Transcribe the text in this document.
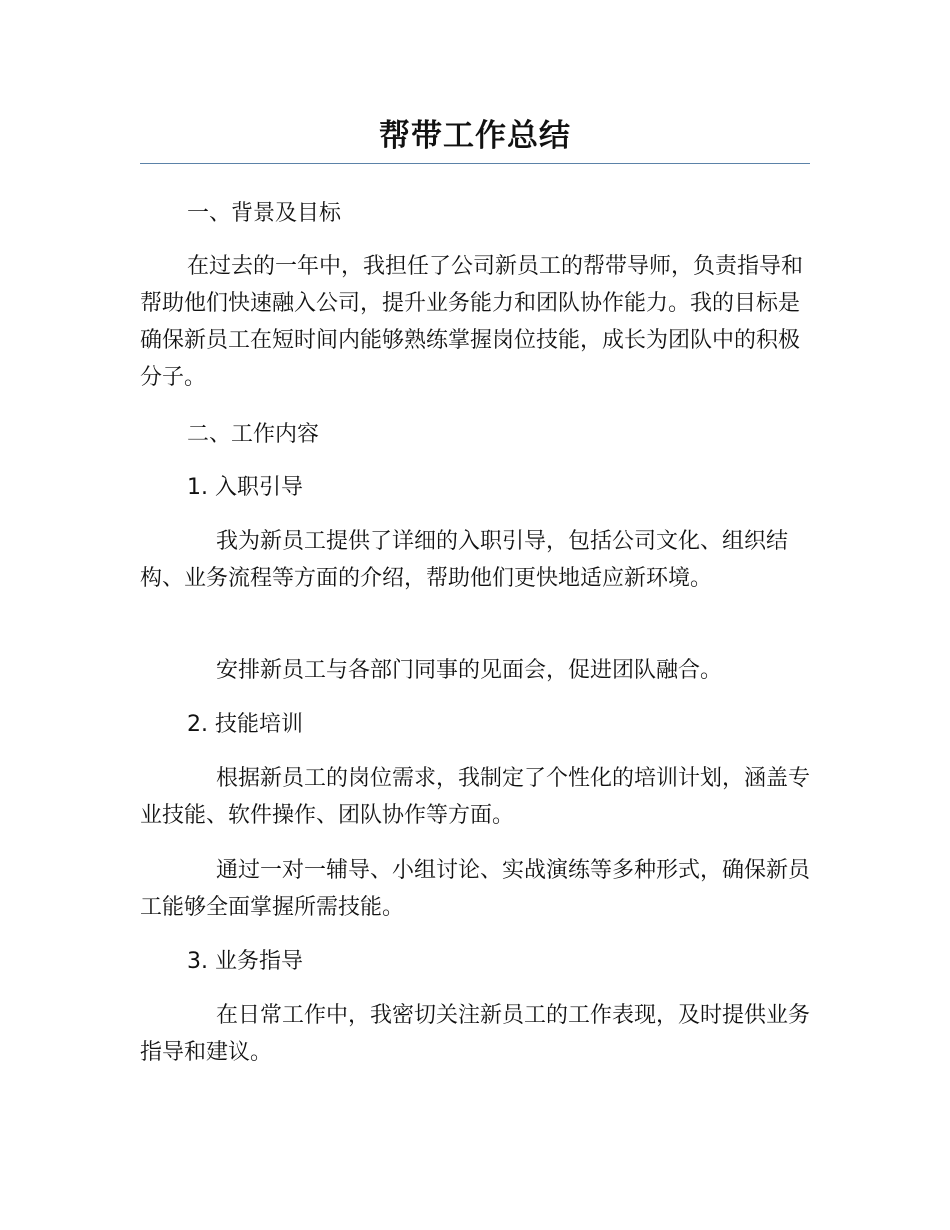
帮带工作总结

一、背景及目标

在过去的一年中，我担任了公司新员工的帮带导师，负责指导和帮助他们快速融入公司，提升业务能力和团队协作能力。我的目标是确保新员工在短时间内能够熟练掌握岗位技能，成长为团队中的积极分子。

二、工作内容

1. 入职引导

我为新员工提供了详细的入职引导，包括公司文化、组织结构、业务流程等方面的介绍，帮助他们更快地适应新环境。

安排新员工与各部门同事的见面会，促进团队融合。

2. 技能培训

根据新员工的岗位需求，我制定了个性化的培训计划，涵盖专业技能、软件操作、团队协作等方面。

通过一对一辅导、小组讨论、实战演练等多种形式，确保新员工能够全面掌握所需技能。

3. 业务指导

在日常工作中，我密切关注新员工的工作表现，及时提供业务指导和建议。
